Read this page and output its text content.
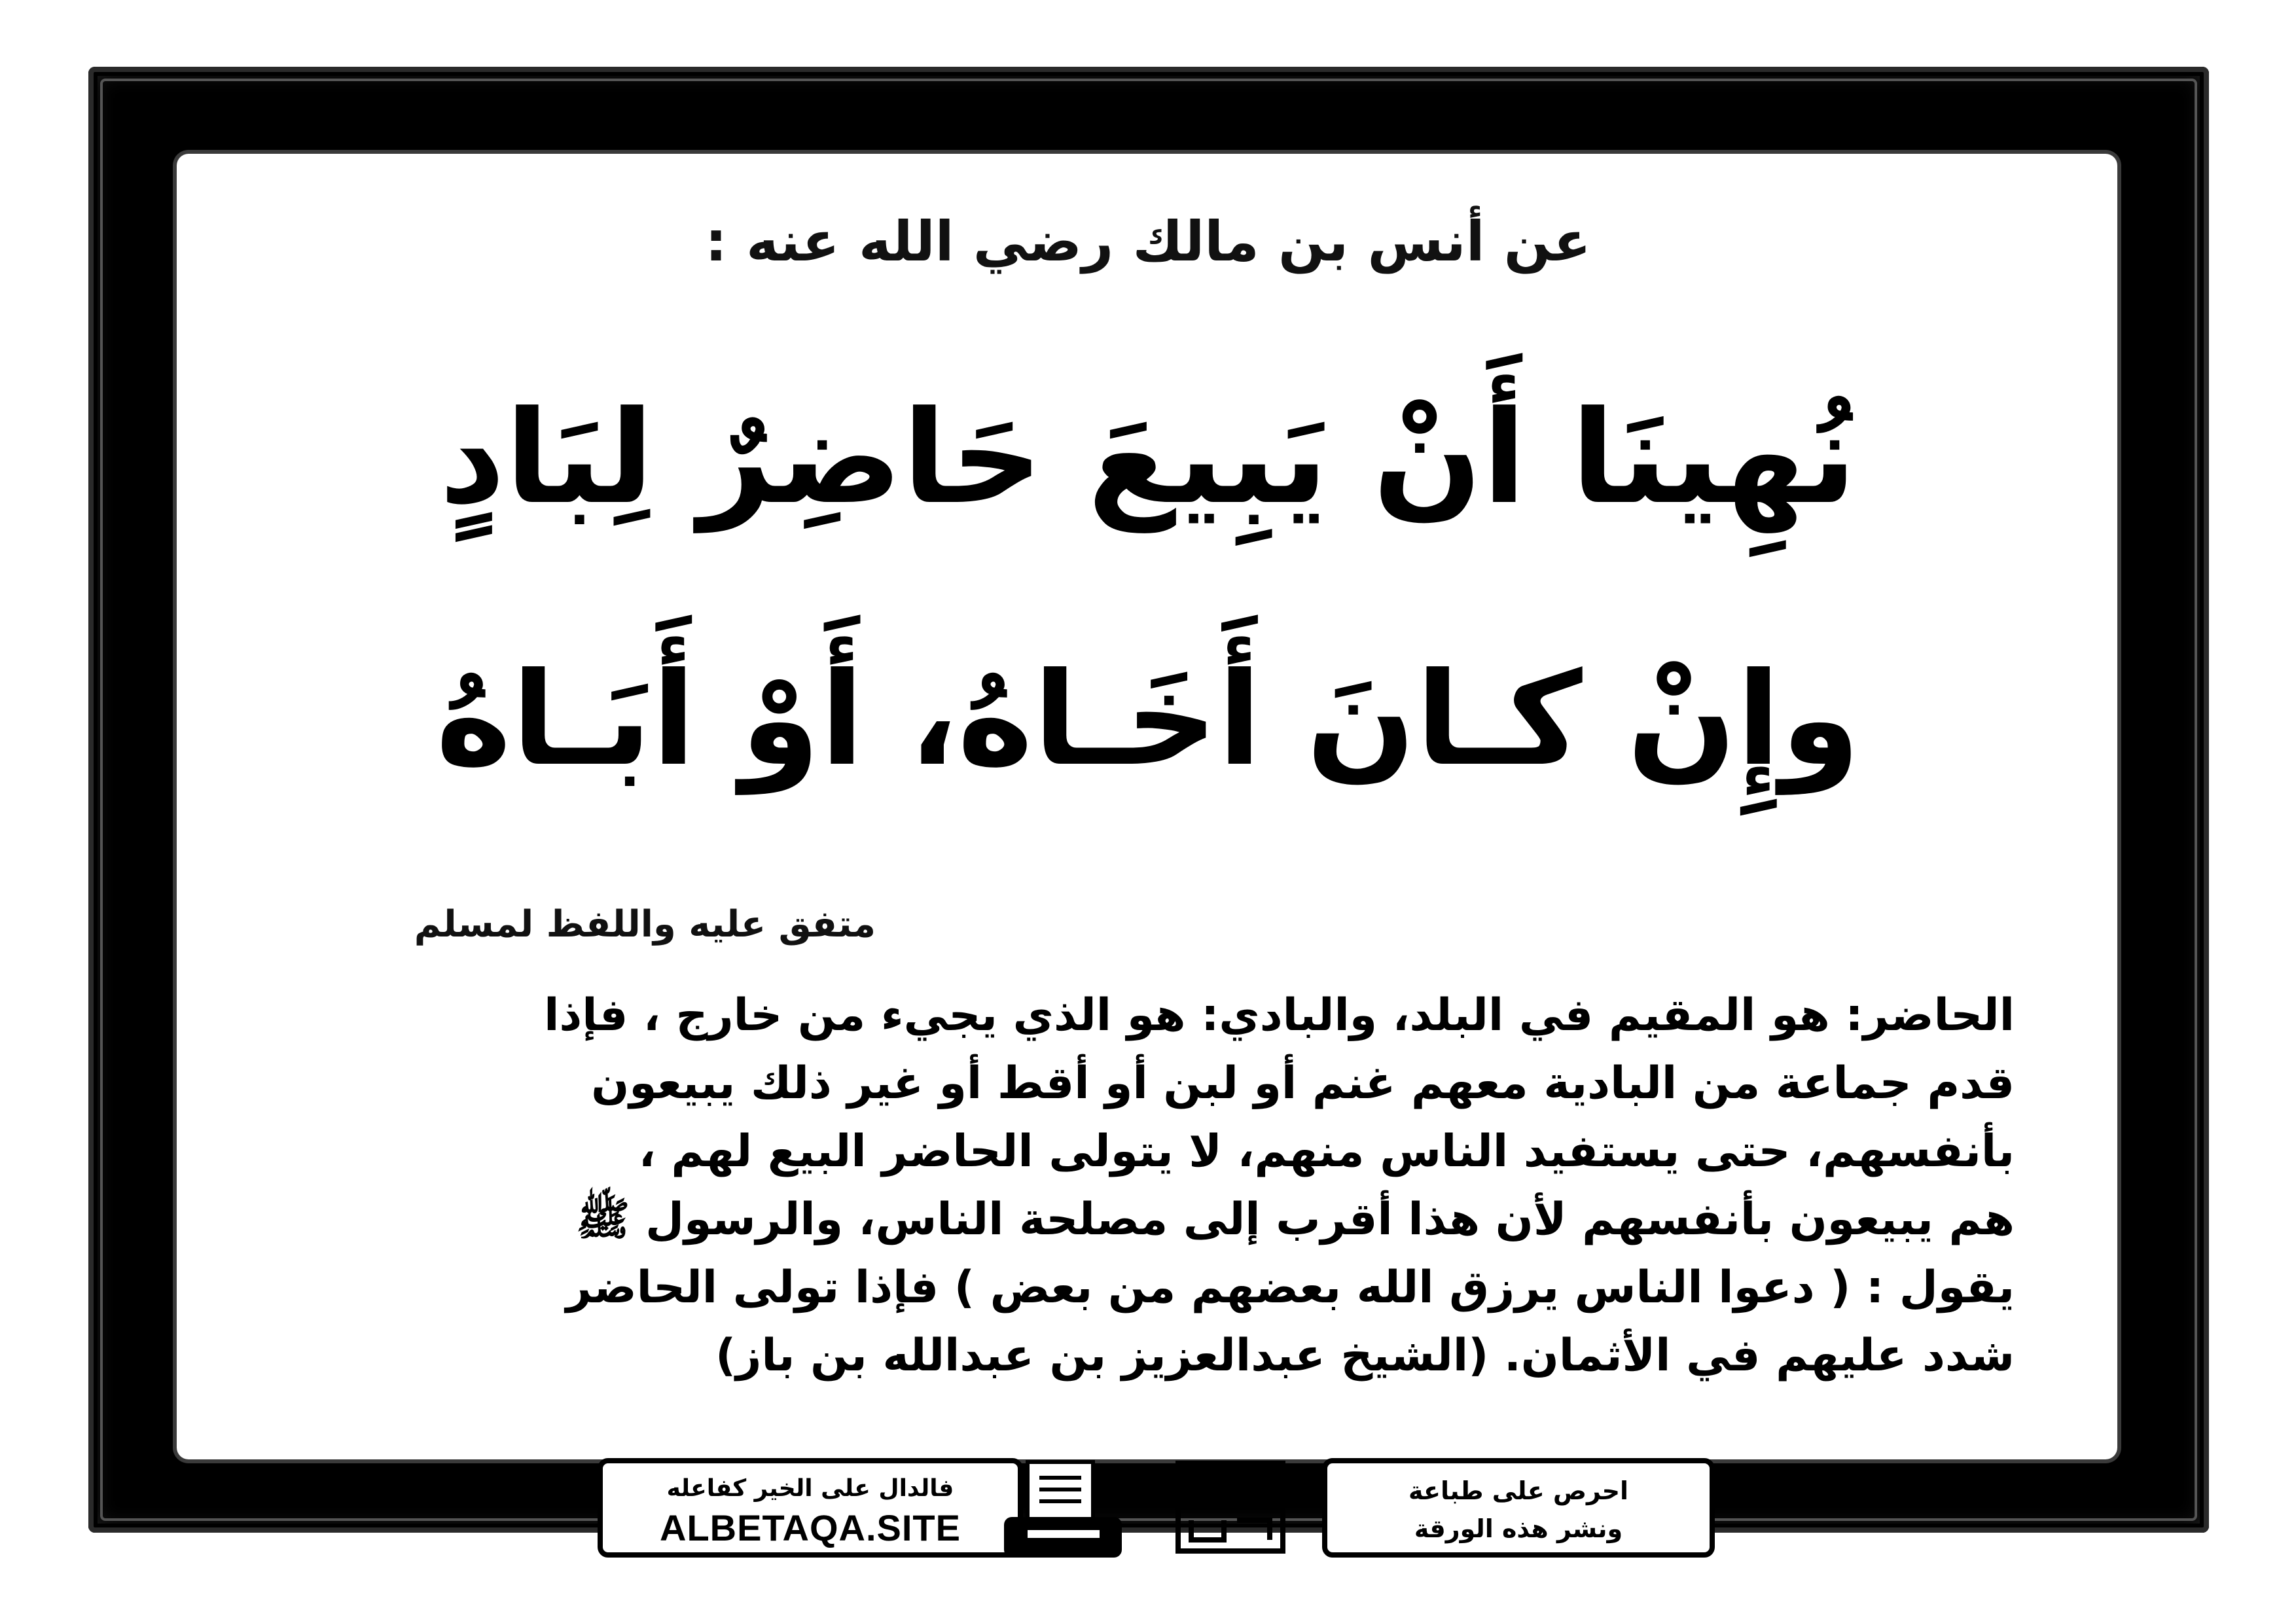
عن أنس بن مالك رضي الله عنه :
نُهِينَا أَنْ يَبِيعَ حَاضِرٌ لِبَادٍ
وإِنْ كـانَ أَخَـاهُ، أَوْ أَبَـاهُ
متفق عليه واللفظ لمسلم
الحاضر: هو المقيم في البلد، والبادي: هو الذي يجيء من خارج ، فإذا
قدم جماعة من البادية معهم غنم أو لبن أو أقط أو غير ذلك يبيعون
بأنفسهم، حتى يستفيد الناس منهم، لا يتولى الحاضر البيع لهم ،
هم يبيعون بأنفسهم لأن هذا أقرب إلى مصلحة الناس، والرسول ﷺ
يقول : ( دعوا الناس يرزق الله بعضهم من بعض ) فإذا تولى الحاضر
شدد عليهم في الأثمان. (الشيخ عبدالعزيز بن عبدالله بن باز)
فالدال على الخير كفاعله
ALBETAQA.SITE
احرص على طباعة
ونشر هذه الورقة
